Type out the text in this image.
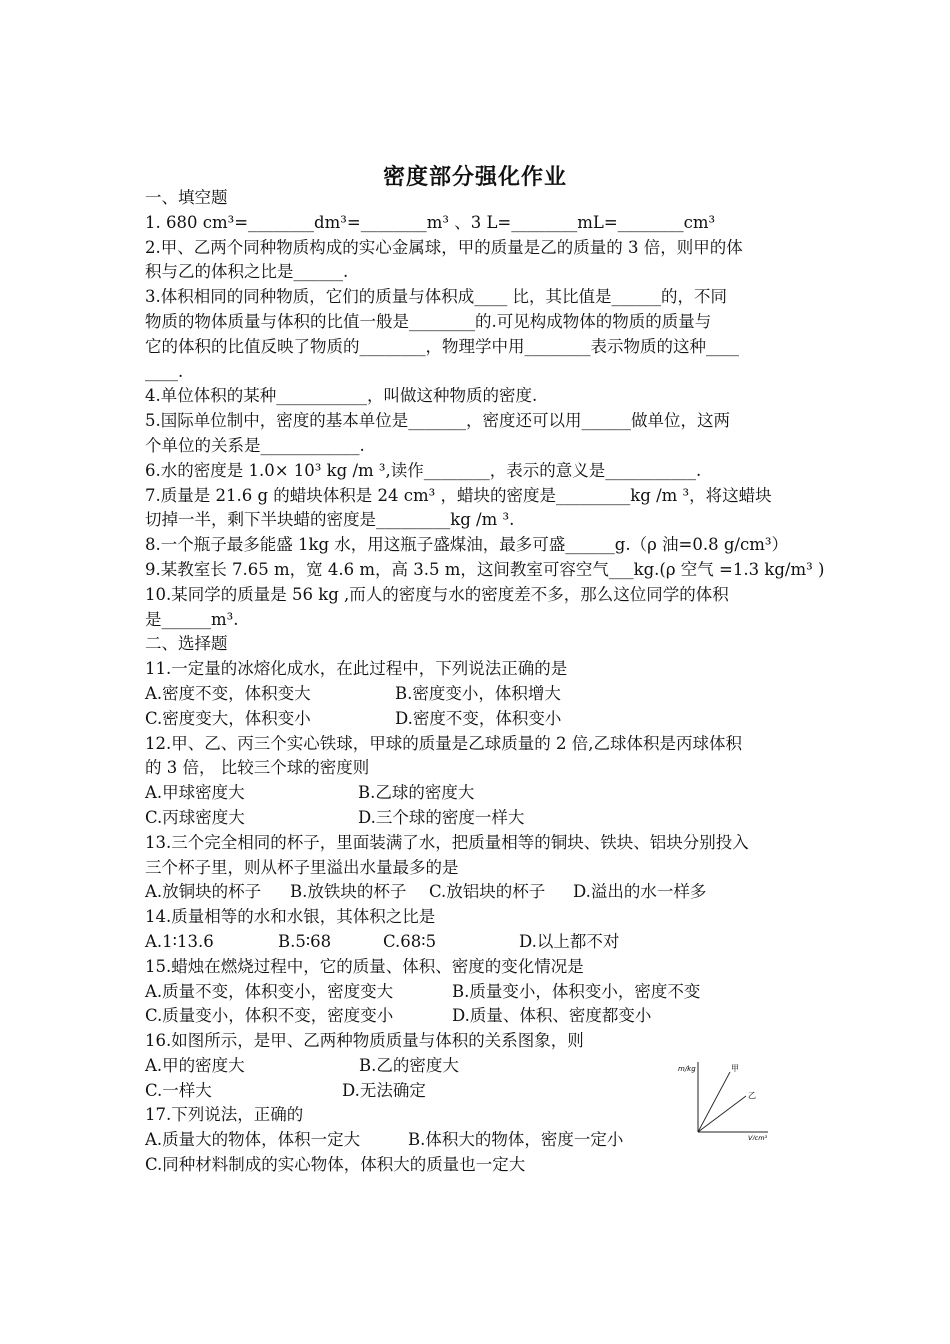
密度部分强化作业
一、填空题
1. 680 cm³=________dm³=________m³ 、3 L=________mL=________cm³
2.甲、乙两个同种物质构成的实心金属球，甲的质量是乙的质量的 3 倍，则甲的体
积与乙的体积之比是______.
3.体积相同的同种物质，它们的质量与体积成____ 比，其比值是______的，不同
物质的物体质量与体积的比值一般是________的.可见构成物体的物质的质量与
它的体积的比值反映了物质的________，物理学中用________表示物质的这种____
____.
4.单位体积的某种___________，叫做这种物质的密度.
5.国际单位制中，密度的基本单位是_______，密度还可以用______做单位，这两
个单位的关系是____________.
6.水的密度是 1.0× 10³ kg /m ³,读作________，表示的意义是___________.
7.质量是 21.6 g 的蜡块体积是 24 cm³ ，蜡块的密度是_________kg /m ³，将这蜡块
切掉一半，剩下半块蜡的密度是_________kg /m ³.
8.一个瓶子最多能盛 1kg 水，用这瓶子盛煤油，最多可盛______g.（ρ 油=0.8 g/cm³）
9.某教室长 7.65 m，宽 4.6 m，高 3.5 m，这间教室可容空气___kg.(ρ 空气 =1.3 kg/m³ )
10.某同学的质量是 56 kg ,而人的密度与水的密度差不多，那么这位同学的体积
是______m³.
二、选择题
11.一定量的冰熔化成水，在此过程中，下列说法正确的是
A.密度不变，体积变大	B.密度变小，体积增大
C.密度变大，体积变小	D.密度不变，体积变小
12.甲、乙、丙三个实心铁球，甲球的质量是乙球质量的 2 倍,乙球体积是丙球体积
的 3 倍， 比较三个球的密度则
A.甲球密度大	B.乙球的密度大
C.丙球密度大	D.三个球的密度一样大
13.三个完全相同的杯子，里面装满了水，把质量相等的铜块、铁块、铝块分别投入
三个杯子里，则从杯子里溢出水量最多的是
A.放铜块的杯子 B.放铁块的杯子 C.放铝块的杯子 D.溢出的水一样多
14.质量相等的水和水银，其体积之比是
A.1∶13.6	B.5∶68	C.68∶5	D.以上都不对
15.蜡烛在燃烧过程中，它的质量、体积、密度的变化情况是
A.质量不变，体积变小，密度变大	B.质量变小，体积变小，密度不变
C.质量变小，体积不变，密度变小	D.质量、体积、密度都变小
16.如图所示，是甲、乙两种物质质量与体积的关系图象，则
A.甲的密度大	B.乙的密度大
C.一样大	D.无法确定
17.下列说法，正确的
A.质量大的物体，体积一定大	B.体积大的物体，密度一定小
C.同种材料制成的实心物体，体积大的质量也一定大
m/kg	甲
乙
V/cm³
